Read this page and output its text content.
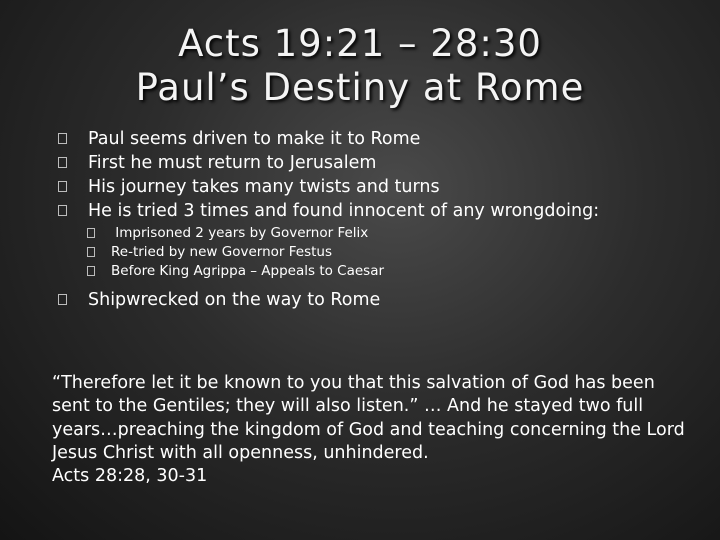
Acts 19:21 – 28:30
Paul’s Destiny at Rome
Paul seems driven to make it to Rome
First he must return to Jerusalem
His journey takes many twists and turns
He is tried 3 times and found innocent of any wrongdoing:
Imprisoned 2 years by Governor Felix
Re-tried by new Governor Festus
Before King Agrippa – Appeals to Caesar
Shipwrecked on the way to Rome

“Therefore let it be known to you that this salvation of God has been sent to the Gentiles; they will also listen.” … And he stayed two full years…preaching the kingdom of God and teaching concerning the Lord Jesus Christ with all openness, unhindered.

Acts 28:28, 30-31
